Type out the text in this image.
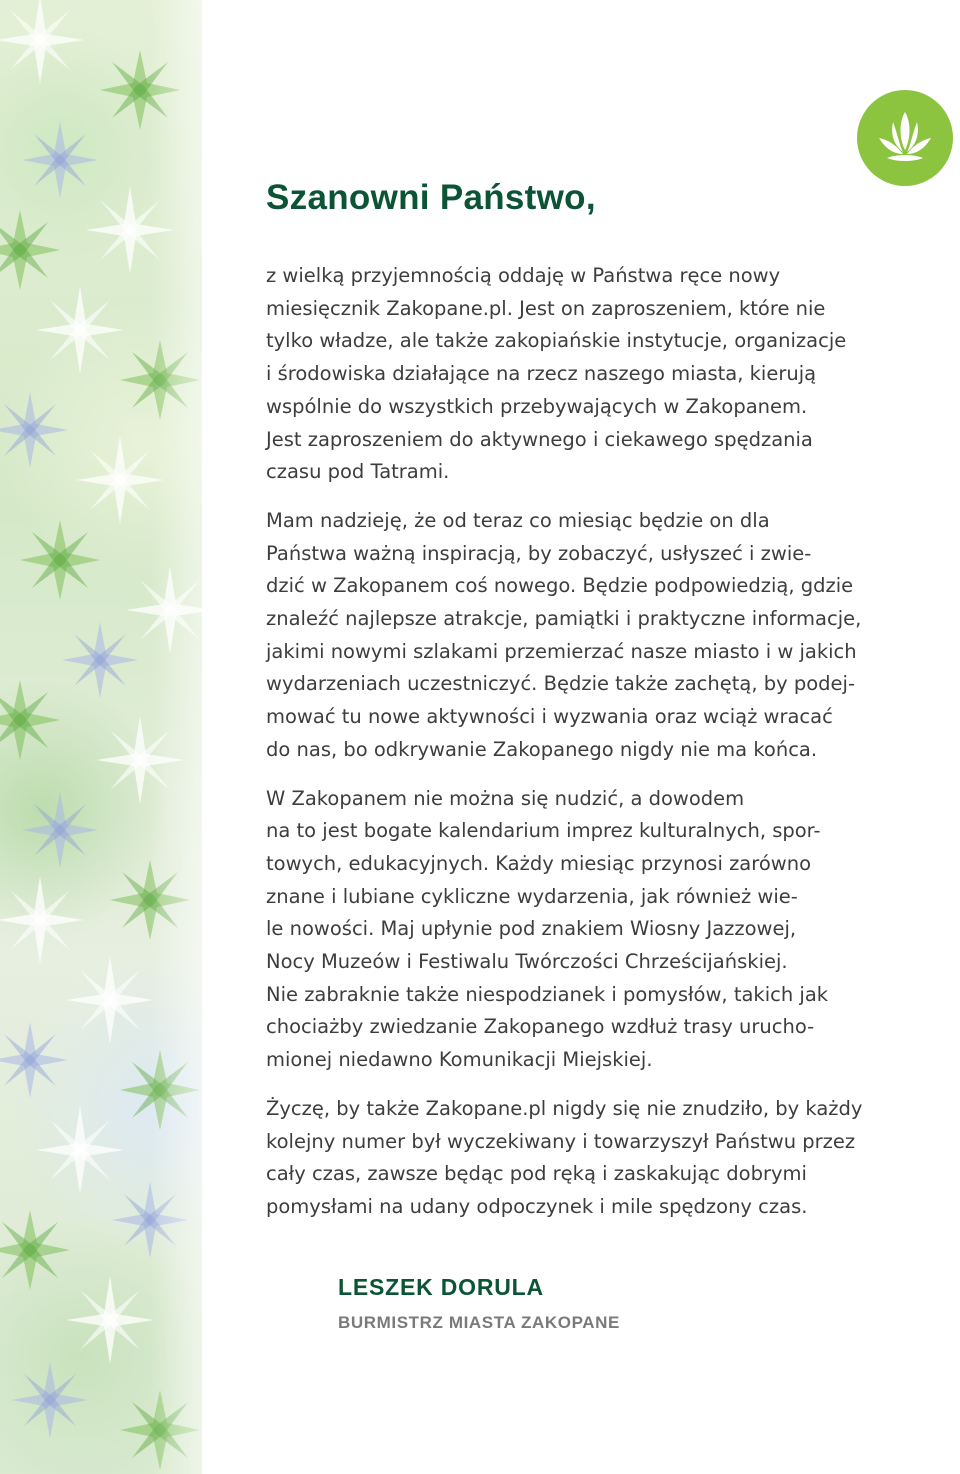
Szanowni Państwo,

z wielką przyjemnością oddaję w Państwa ręce nowy
miesięcznik Zakopane.pl. Jest on zaproszeniem, które nie
tylko władze, ale także zakopiańskie instytucje, organizacje
i środowiska działające na rzecz naszego miasta, kierują
wspólnie do wszystkich przebywających w Zakopanem.
Jest zaproszeniem do aktywnego i ciekawego spędzania
czasu pod Tatrami.

Mam nadzieję, że od teraz co miesiąc będzie on dla
Państwa ważną inspiracją, by zobaczyć, usłyszeć i zwie-
dzić w Zakopanem coś nowego. Będzie podpowiedzią, gdzie
znaleźć najlepsze atrakcje, pamiątki i praktyczne informacje,
jakimi nowymi szlakami przemierzać nasze miasto i w jakich
wydarzeniach uczestniczyć. Będzie także zachętą, by podej-
mować tu nowe aktywności i wyzwania oraz wciąż wracać
do nas, bo odkrywanie Zakopanego nigdy nie ma końca.

W Zakopanem nie można się nudzić, a dowodem
na to jest bogate kalendarium imprez kulturalnych, spor-
towych, edukacyjnych. Każdy miesiąc przynosi zarówno
znane i lubiane cykliczne wydarzenia, jak również wie-
le nowości. Maj upłynie pod znakiem Wiosny Jazzowej,
Nocy Muzeów i Festiwalu Twórczości Chrześcijańskiej.
Nie zabraknie także niespodzianek i pomysłów, takich jak
chociażby zwiedzanie Zakopanego wzdłuż trasy urucho-
mionej niedawno Komunikacji Miejskiej.

Życzę, by także Zakopane.pl nigdy się nie znudziło, by każdy
kolejny numer był wyczekiwany i towarzyszył Państwu przez
cały czas, zawsze będąc pod ręką i zaskakując dobrymi
pomysłami na udany odpoczynek i mile spędzony czas.

LESZEK DORULA

BURMISTRZ MIASTA ZAKOPANE
